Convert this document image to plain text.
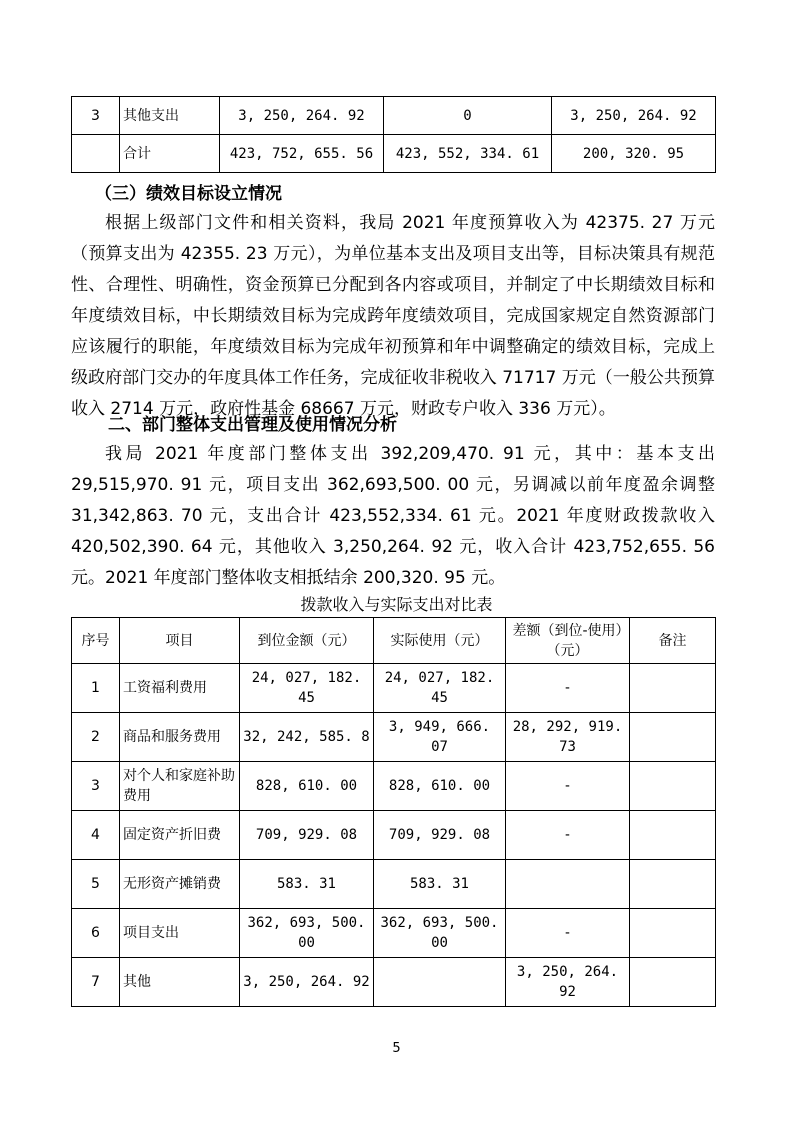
3	其他支出	3, 250, 264. 92	0	3, 250, 264. 92
	合计	423, 752, 655. 56	423, 552, 334. 61	200, 320. 95

（三）绩效目标设立情况

根据上级部门文件和相关资料，我局 2021 年度预算收入为 42375. 27 万元（预算支出为 42355. 23 万元），为单位基本支出及项目支出等，目标决策具有规范性、合理性、明确性，资金预算已分配到各内容或项目，并制定了中长期绩效目标和年度绩效目标，中长期绩效目标为完成跨年度绩效项目，完成国家规定自然资源部门应该履行的职能，年度绩效目标为完成年初预算和年中调整确定的绩效目标，完成上级政府部门交办的年度具体工作任务，完成征收非税收入 71717 万元（一般公共预算收入 2714 万元，政府性基金 68667 万元，财政专户收入 336 万元）。

二、部门整体支出管理及使用情况分析

我局 2021 年度部门整体支出 392,209,470. 91 元，其中：基本支出29,515,970. 91 元，项目支出 362,693,500. 00 元，另调减以前年度盈余调整31,342,863. 70 元，支出合计 423,552,334. 61 元。2021 年度财政拨款收入420,502,390. 64 元，其他收入 3,250,264. 92 元，收入合计 423,752,655. 56 元。2021 年度部门整体收支相抵结余 200,320. 95 元。

拨款收入与实际支出对比表

序号	项目	到位金额（元）	实际使用（元）	差额（到位-使用）（元）	备注
1	工资福利费用	24, 027, 182. 45	24, 027, 182. 45	-	
2	商品和服务费用	32, 242, 585. 8	3, 949, 666. 07	28, 292, 919. 73	
3	对个人和家庭补助费用	828, 610. 00	828, 610. 00	-	
4	固定资产折旧费	709, 929. 08	709, 929. 08	-	
5	无形资产摊销费	583. 31	583. 31		
6	项目支出	362, 693, 500. 00	362, 693, 500. 00	-	
7	其他	3, 250, 264. 92		3, 250, 264. 92	
5
